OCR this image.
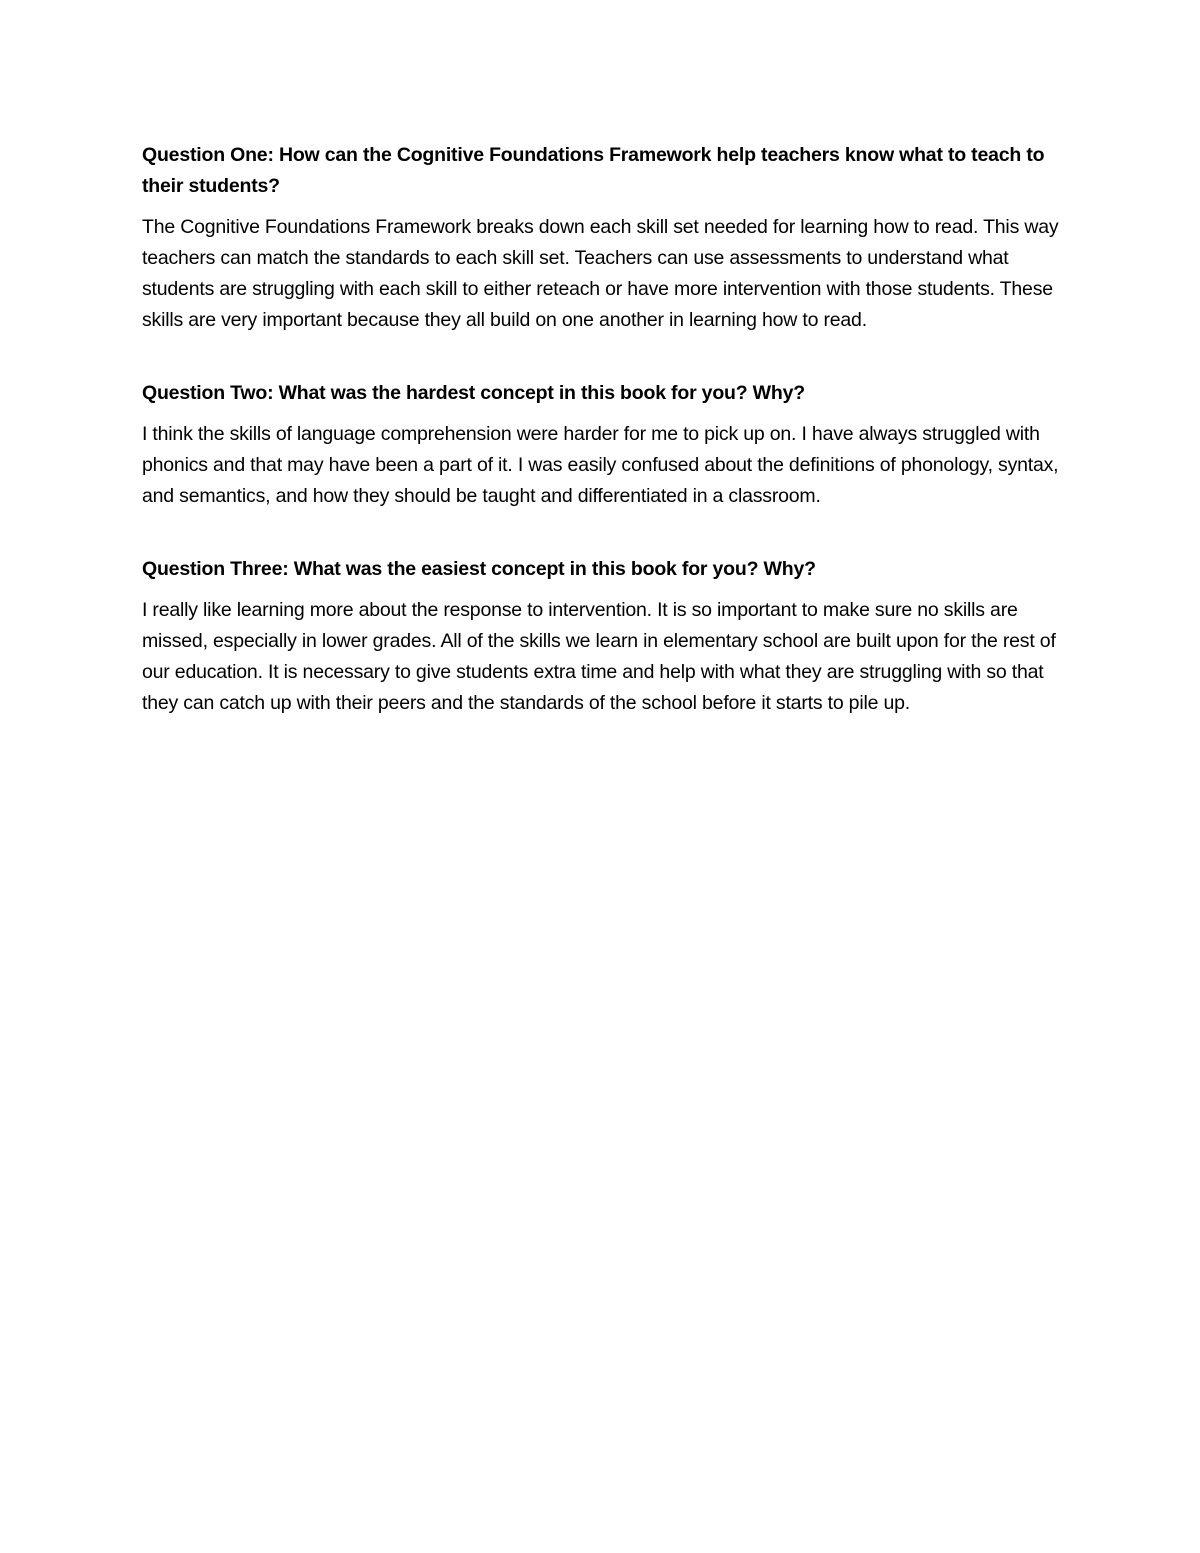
Question One: How can the Cognitive Foundations Framework help teachers know what to teach to their students?

The Cognitive Foundations Framework breaks down each skill set needed for learning how to read. This way teachers can match the standards to each skill set. Teachers can use assessments to understand what students are struggling with each skill to either reteach or have more intervention with those students. These skills are very important because they all build on one another in learning how to read.

Question Two: What was the hardest concept in this book for you? Why?

I think the skills of language comprehension were harder for me to pick up on. I have always struggled with phonics and that may have been a part of it. I was easily confused about the definitions of phonology, syntax, and semantics, and how they should be taught and differentiated in a classroom.

Question Three: What was the easiest concept in this book for you? Why?

I really like learning more about the response to intervention. It is so important to make sure no skills are missed, especially in lower grades. All of the skills we learn in elementary school are built upon for the rest of our education. It is necessary to give students extra time and help with what they are struggling with so that they can catch up with their peers and the standards of the school before it starts to pile up.
